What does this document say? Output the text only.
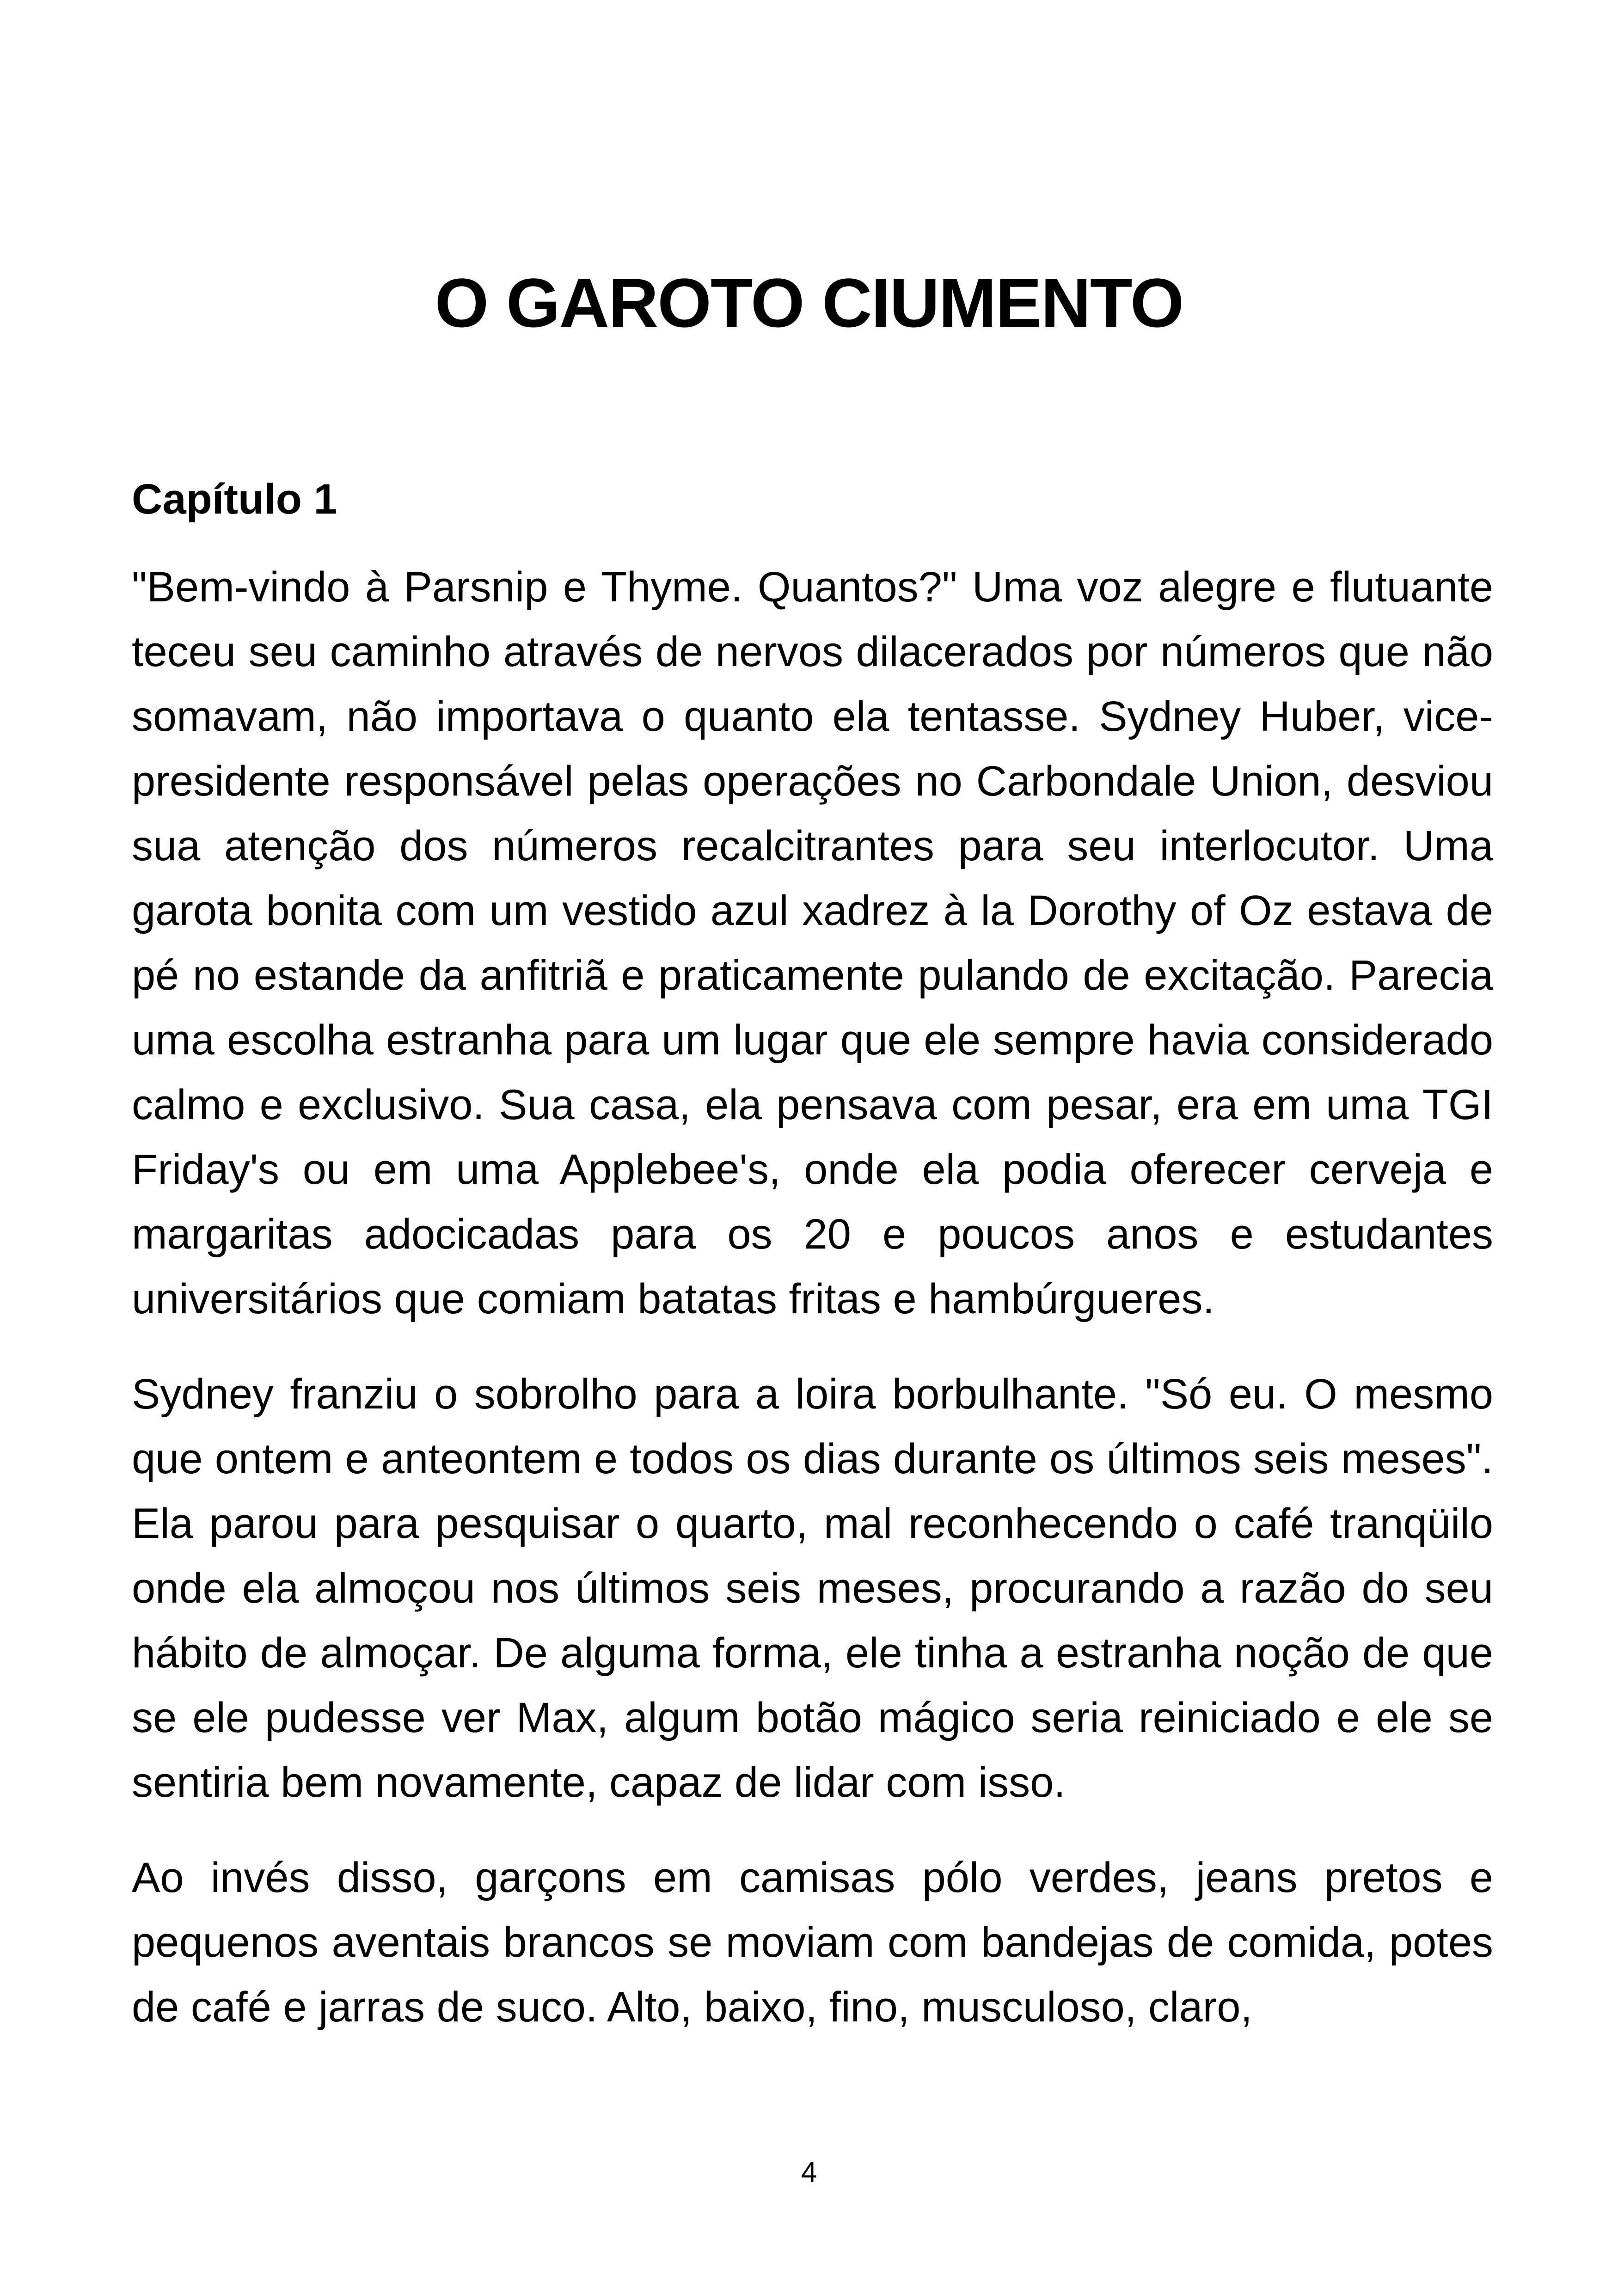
O GAROTO CIUMENTO
Capítulo 1

"Bem-vindo à Parsnip e Thyme. Quantos?" Uma voz alegre e flutuante teceu seu caminho através de nervos dilacerados por números que não somavam, não importava o quanto ela tentasse. Sydney Huber, vice-presidente responsável pelas operações no Carbondale Union, desviou sua atenção dos números recalcitrantes para seu interlocutor. Uma garota bonita com um vestido azul xadrez à la Dorothy of Oz estava de pé no estande da anfitriã e praticamente pulando de excitação. Parecia uma escolha estranha para um lugar que ele sempre havia considerado calmo e exclusivo. Sua casa, ela pensava com pesar, era em uma TGI Friday's ou em uma Applebee's, onde ela podia oferecer cerveja e margaritas adocicadas para os 20 e poucos anos e estudantes universitários que comiam batatas fritas e hambúrgueres.

Sydney franziu o sobrolho para a loira borbulhante. "Só eu. O mesmo que ontem e anteontem e todos os dias durante os últimos seis meses". Ela parou para pesquisar o quarto, mal reconhecendo o café tranqüilo onde ela almoçou nos últimos seis meses, procurando a razão do seu hábito de almoçar. De alguma forma, ele tinha a estranha noção de que se ele pudesse ver Max, algum botão mágico seria reiniciado e ele se sentiria bem novamente, capaz de lidar com isso.

Ao invés disso, garçons em camisas pólo verdes, jeans pretos e pequenos aventais brancos se moviam com bandejas de comida, potes de café e jarras de suco. Alto, baixo, fino, musculoso, claro,

4
